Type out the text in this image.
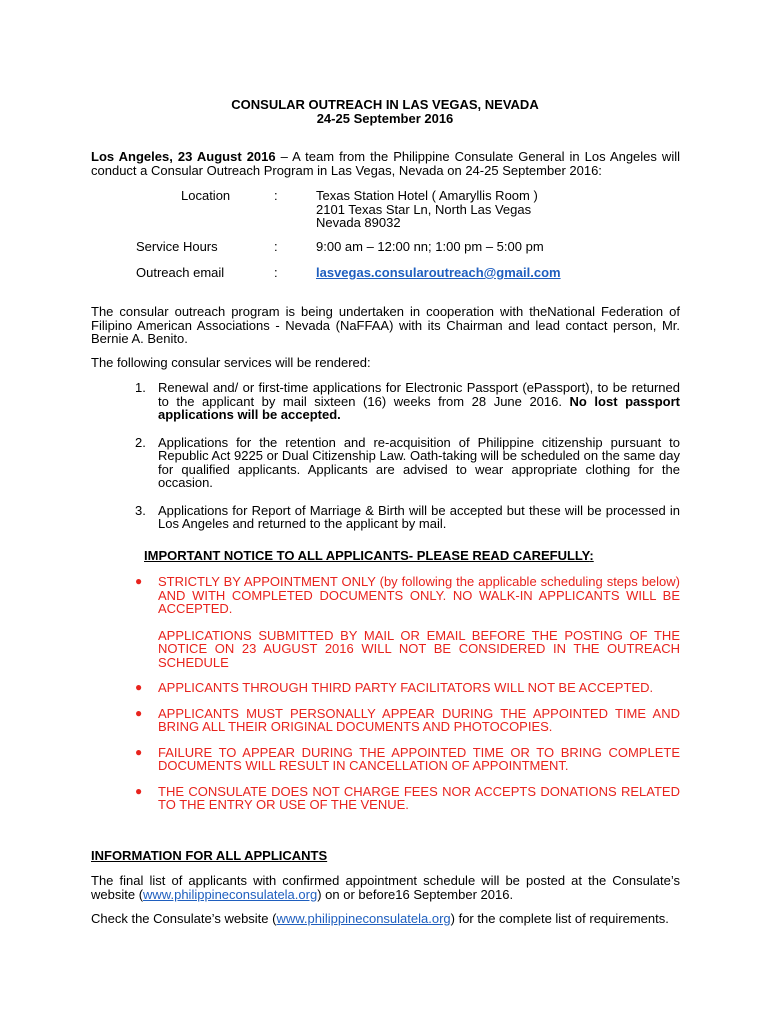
CONSULAR OUTREACH IN LAS VEGAS, NEVADA
24-25 September 2016
Los Angeles, 23 August 2016 – A team from the Philippine Consulate General in Los Angeles will conduct a Consular Outreach Program in Las Vegas, Nevada on 24-25 September 2016:
Location	:	Texas Station Hotel ( Amaryllis Room )
2101 Texas Star Ln, North Las Vegas
Nevada 89032
Service Hours	:	9:00 am – 12:00 nn; 1:00 pm – 5:00 pm
Outreach email	:	lasvegas.consularoutreach@gmail.com
The consular outreach program is being undertaken in cooperation with theNational Federation of Filipino American Associations - Nevada (NaFFAA) with its Chairman and lead contact person, Mr. Bernie A. Benito.
The following consular services will be rendered:
1. Renewal and/ or first-time applications for Electronic Passport (ePassport), to be returned to the applicant by mail sixteen (16) weeks from 28 June 2016. No lost passport applications will be accepted.
2. Applications for the retention and re-acquisition of Philippine citizenship pursuant to Republic Act 9225 or Dual Citizenship Law. Oath-taking will be scheduled on the same day for qualified applicants. Applicants are advised to wear appropriate clothing for the occasion.
3. Applications for Report of Marriage & Birth will be accepted but these will be processed in Los Angeles and returned to the applicant by mail.
IMPORTANT NOTICE TO ALL APPLICANTS- PLEASE READ CAREFULLY:
● STRICTLY BY APPOINTMENT ONLY (by following the applicable scheduling steps below) AND WITH COMPLETED DOCUMENTS ONLY. NO WALK-IN APPLICANTS WILL BE ACCEPTED.
APPLICATIONS SUBMITTED BY MAIL OR EMAIL BEFORE THE POSTING OF THE NOTICE ON 23 AUGUST 2016 WILL NOT BE CONSIDERED IN THE OUTREACH SCHEDULE
● APPLICANTS THROUGH THIRD PARTY FACILITATORS WILL NOT BE ACCEPTED.
● APPLICANTS MUST PERSONALLY APPEAR DURING THE APPOINTED TIME AND BRING ALL THEIR ORIGINAL DOCUMENTS AND PHOTOCOPIES.
● FAILURE TO APPEAR DURING THE APPOINTED TIME OR TO BRING COMPLETE DOCUMENTS WILL RESULT IN CANCELLATION OF APPOINTMENT.
● THE CONSULATE DOES NOT CHARGE FEES NOR ACCEPTS DONATIONS RELATED TO THE ENTRY OR USE OF THE VENUE.
INFORMATION FOR ALL APPLICANTS
The final list of applicants with confirmed appointment schedule will be posted at the Consulate’s website (www.philippineconsulatela.org) on or before16 September 2016.
Check the Consulate’s website (www.philippineconsulatela.org) for the complete list of requirements.
